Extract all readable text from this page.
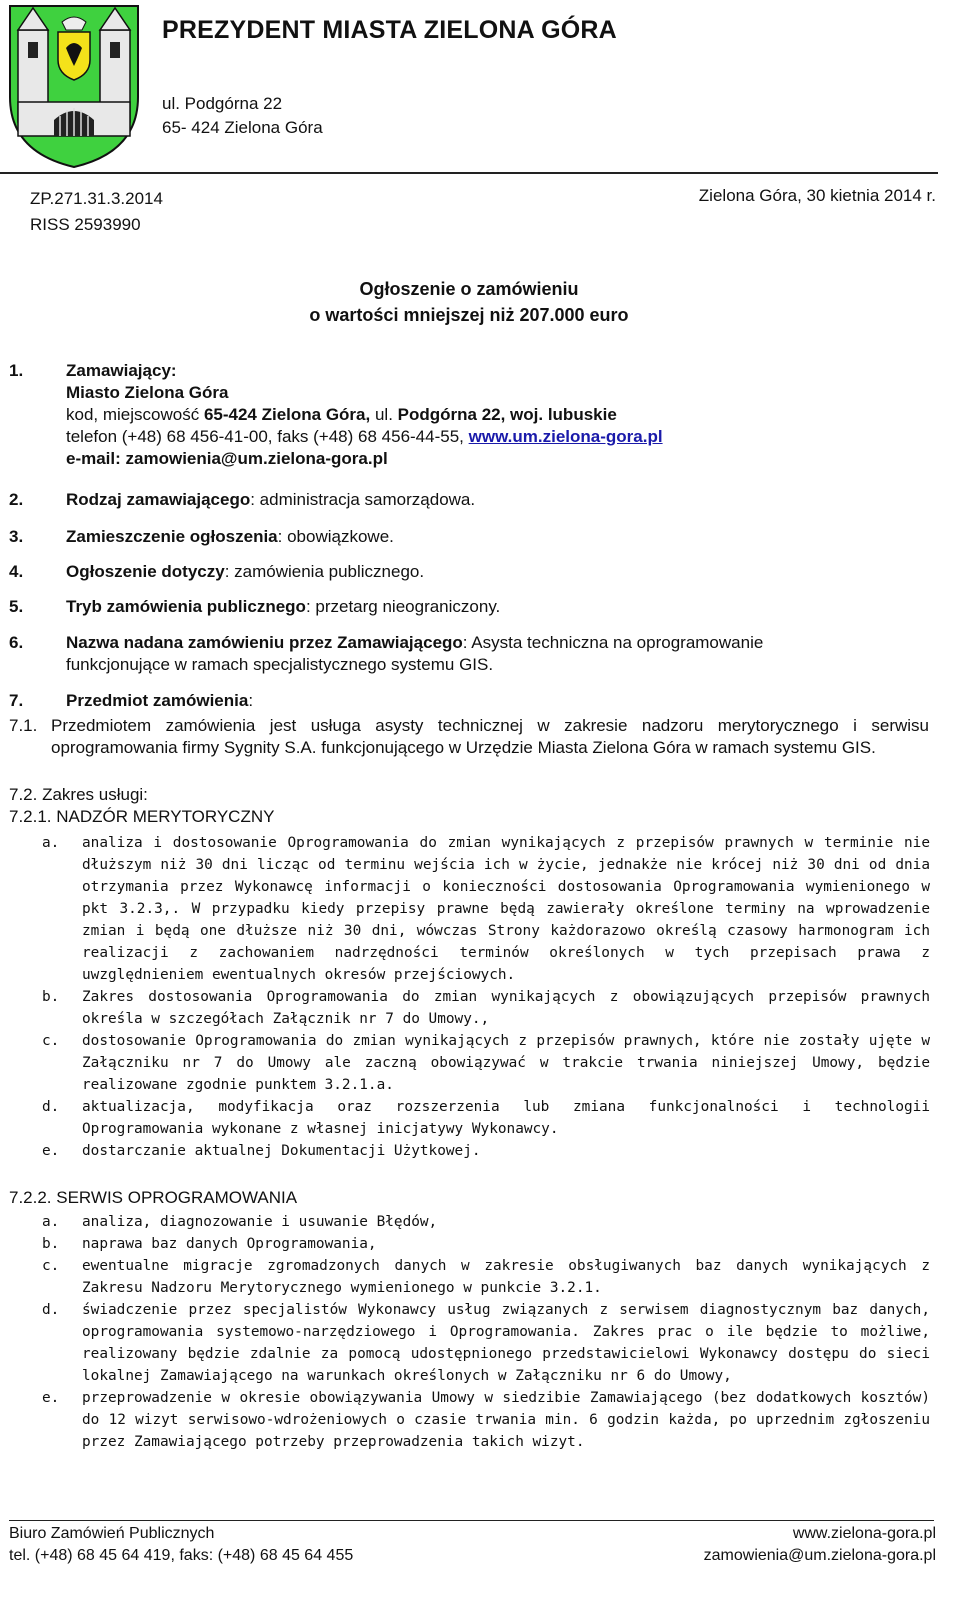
PREZYDENT MIASTA ZIELONA GÓRA
ul. Podgórna 22
65- 424 Zielona Góra
ZP.271.31.3.2014
RISS 2593990
Zielona Góra, 30 kietnia 2014 r.
Ogłoszenie o zamówieniu
o wartości mniejszej niż 207.000 euro
1.	Zamawiający:
Miasto Zielona Góra
kod, miejscowość 65-424 Zielona Góra, ul. Podgórna 22, woj. lubuskie
telefon (+48) 68 456-41-00, faks (+48) 68 456-44-55, www.um.zielona-gora.pl
e-mail: zamowienia@um.zielona-gora.pl
2.	Rodzaj zamawiającego: administracja samorządowa.
3.	Zamieszczenie ogłoszenia: obowiązkowe.
4.	Ogłoszenie dotyczy: zamówienia publicznego.
5.	Tryb zamówienia publicznego: przetarg nieograniczony.
6.	Nazwa nadana zamówieniu przez Zamawiającego: Asysta techniczna na oprogramowanie
funkcjonujące w ramach specjalistycznego systemu GIS.
7.	Przedmiot zamówienia:
7.1. Przedmiotem zamówienia jest usługa asysty technicznej w zakresie nadzoru merytorycznego i serwisu oprogramowania firmy Sygnity S.A. funkcjonującego w Urzędzie Miasta Zielona Góra w ramach systemu GIS.
7.2. Zakres usługi:
7.2.1. NADZÓR MERYTORYCZNY
a.	analiza i dostosowanie Oprogramowania do zmian wynikających z przepisów prawnych w terminie nie dłuższym niż 30 dni licząc od terminu wejścia ich w życie, jednakże nie krócej niż 30 dni od dnia otrzymania przez Wykonawcę informacji o konieczności dostosowania Oprogramowania wymienionego w pkt 3.2.3,. W przypadku kiedy przepisy prawne będą zawierały określone terminy na wprowadzenie zmian i będą one dłuższe niż 30 dni, wówczas Strony każdorazowo określą czasowy harmonogram ich realizacji z zachowaniem nadrzędności terminów określonych w tych przepisach prawa z uwzględnieniem ewentualnych okresów przejściowych.
b.	Zakres dostosowania Oprogramowania do zmian wynikających z obowiązujących przepisów prawnych określa w szczegółach Załącznik nr 7 do Umowy.,
c.	dostosowanie Oprogramowania do zmian wynikających z przepisów prawnych, które nie zostały ujęte w Załączniku nr 7 do Umowy ale zaczną obowiązywać w trakcie trwania niniejszej Umowy, będzie realizowane zgodnie punktem 3.2.1.a.
d.	aktualizacja, modyfikacja oraz rozszerzenia lub zmiana funkcjonalności i technologii Oprogramowania wykonane z własnej inicjatywy Wykonawcy.
e.	dostarczanie aktualnej Dokumentacji Użytkowej.
7.2.2. SERWIS OPROGRAMOWANIA
a.	analiza, diagnozowanie i usuwanie Błędów,
b.	naprawa baz danych Oprogramowania,
c.	ewentualne migracje zgromadzonych danych w zakresie obsługiwanych baz danych wynikających z Zakresu Nadzoru Merytorycznego wymienionego w punkcie 3.2.1.
d.	świadczenie przez specjalistów Wykonawcy usług związanych z serwisem diagnostycznym baz danych, oprogramowania systemowo-narzędziowego i Oprogramowania. Zakres prac o ile będzie to możliwe, realizowany będzie zdalnie za pomocą udostępnionego przedstawicielowi Wykonawcy dostępu do sieci lokalnej Zamawiającego na warunkach określonych w Załączniku nr 6 do Umowy,
e.	przeprowadzenie w okresie obowiązywania Umowy w siedzibie Zamawiającego (bez dodatkowych kosztów) do 12 wizyt serwisowo-wdrożeniowych o czasie trwania min. 6 godzin każda, po uprzednim zgłoszeniu przez Zamawiającego potrzeby przeprowadzenia takich wizyt.
Biuro Zamówień Publicznych
tel. (+48) 68 45 64 419, faks: (+48) 68 45 64 455
www.zielona-gora.pl
zamowienia@um.zielona-gora.pl
